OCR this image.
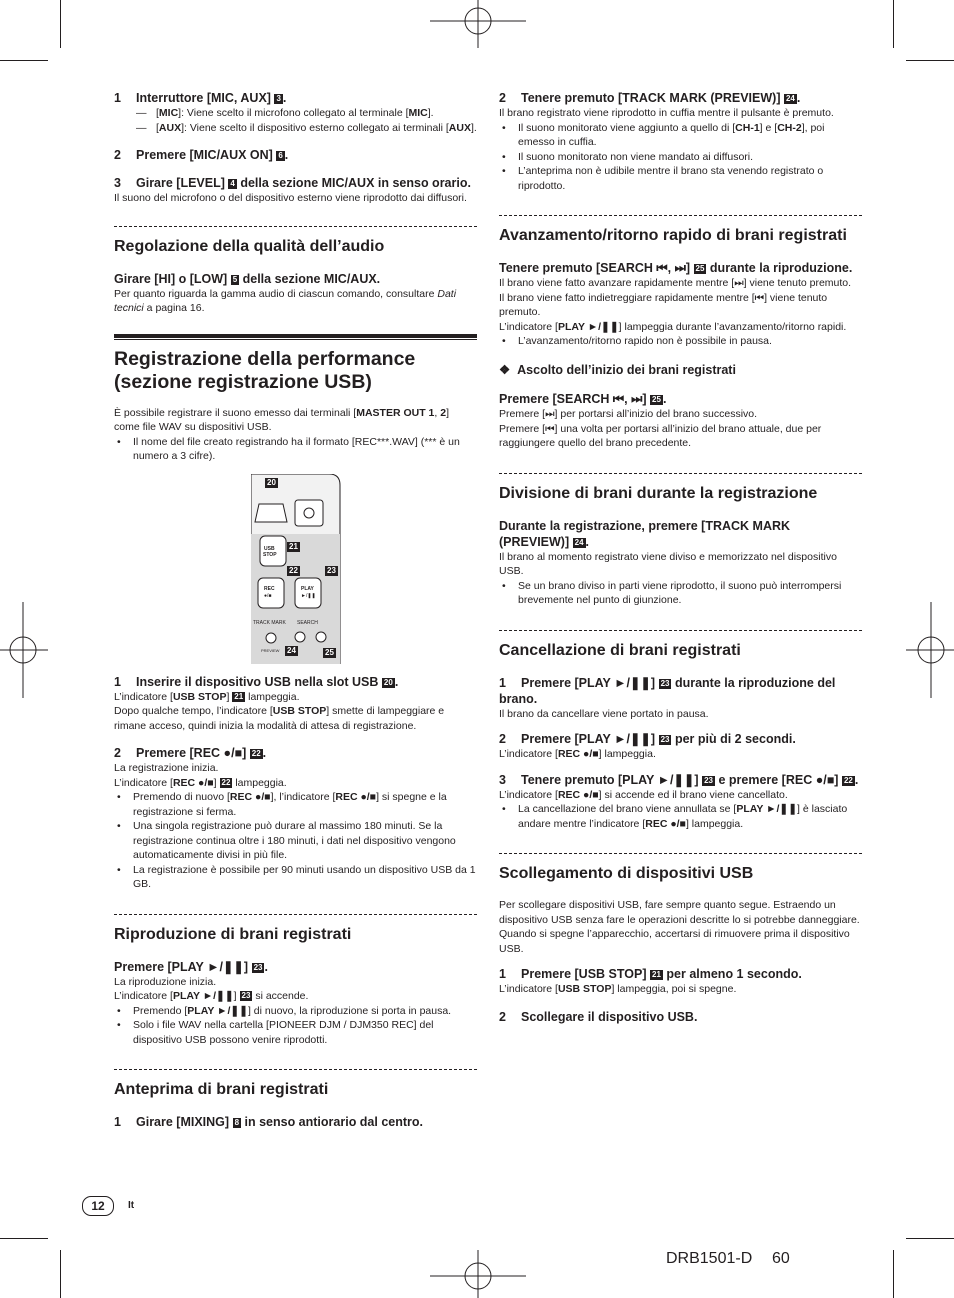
1 Interruttore [MIC, AUX] 3 .

— [MIC]: Viene scelto il microfono collegato al terminale [MIC].

— [AUX]: Viene scelto il dispositivo esterno collegato ai terminali [AUX].

2 Premere [MIC/AUX ON] 6 .
3 Girare [LEVEL] 4 della sezione MIC/AUX in senso orario.

Il suono del microfono o del dispositivo esterno viene riprodotto dai diffusori.

Regolazione della qualità dell’audio
Girare [HI] o [LOW] 5 della sezione MIC/AUX.

Per quanto riguarda la gamma audio di ciascun comando, consultare Dati tecnici a pagina 16.

Registrazione della performance (sezione registrazione USB)

È possibile registrare il suono emesso dai terminali [MASTER OUT 1, 2] come file WAV su dispositivi USB.

• Il nome del file creato registrando ha il formato [REC***.WAV] (*** è un numero a 3 cifre).

20
21
22	23
24	25
USB
STOP
REC
●/■
PLAY
►/❚❚
TRACK MARK SEARCH
PREVIEW
1 Inserire il dispositivo USB nella slot USB 20 .

L’indicatore [USB STOP] 21 lampeggia.

Dopo qualche tempo, l’indicatore [USB STOP] smette di lampeggiare e rimane acceso, quindi inizia la modalità di attesa di registrazione.

2 Premere [REC ●/■] 22 .

La registrazione inizia.

L’indicatore [REC ●/■] 22 lampeggia.

• Premendo di nuovo [REC ●/■], l’indicatore [REC ●/■] si spegne e la registrazione si ferma.

• Una singola registrazione può durare al massimo 180 minuti. Se la registrazione continua oltre i 180 minuti, i dati nel dispositivo vengono automaticamente divisi in più file.

• La registrazione è possibile per 90 minuti usando un dispositivo USB da 1 GB.

Riproduzione di brani registrati
Premere [PLAY ►/❚❚] 23 .

La riproduzione inizia.

L’indicatore [PLAY ►/❚❚] 23 si accende.

• Premendo [PLAY ►/❚❚] di nuovo, la riproduzione si porta in pausa.

• Solo i file WAV nella cartella [PIONEER DJM / DJM350 REC] del dispositivo USB possono venire riprodotti.

Anteprima di brani registrati
1 Girare [MIXING] 8 in senso antiorario dal centro.
2 Tenere premuto [TRACK MARK (PREVIEW)] 24 .

Il brano registrato viene riprodotto in cuffia mentre il pulsante è premuto.

• Il suono monitorato viene aggiunto a quello di [CH-1] e [CH-2], poi emesso in cuffia.

• Il suono monitorato non viene mandato ai diffusori.

• L’anteprima non è udibile mentre il brano sta venendo registrato o riprodotto.

Avanzamento/ritorno rapido di brani registrati
Tenere premuto [SEARCH ⏮, ⏭] 25 durante la riproduzione.

Il brano viene fatto avanzare rapidamente mentre [⏭] viene tenuto premuto.

Il brano viene fatto indietreggiare rapidamente mentre [⏮] viene tenuto premuto.

L’indicatore [PLAY ►/❚❚] lampeggia durante l’avanzamento/ritorno rapidi.

• L’avanzamento/ritorno rapido non è possibile in pausa.

❖  Ascolto dell’inizio dei brani registrati
Premere [SEARCH ⏮, ⏭] 25 .

Premere [⏭] per portarsi all’inizio del brano successivo.

Premere [⏮] una volta per portarsi all’inizio del brano attuale, due per raggiungere quello del brano precedente.

Divisione di brani durante la registrazione
Durante la registrazione, premere [TRACK MARK (PREVIEW)] 24 .

Il brano al momento registrato viene diviso e memorizzato nel dispositivo USB.

• Se un brano diviso in parti viene riprodotto, il suono può interrompersi brevemente nel punto di giunzione.

Cancellazione di brani registrati
1 Premere [PLAY ►/❚❚] 23 durante la riproduzione del brano.

Il brano da cancellare viene portato in pausa.

2 Premere [PLAY ►/❚❚] 23 per più di 2 secondi.

L’indicatore [REC ●/■] lampeggia.

3 Tenere premuto [PLAY ►/❚❚] 23 e premere [REC ●/■] 22 .

L’indicatore [REC ●/■] si accende ed il brano viene cancellato.

• La cancellazione del brano viene annullata se [PLAY ►/❚❚] è lasciato andare mentre l’indicatore [REC ●/■] lampeggia.

Scollegamento di dispositivi USB

Per scollegare dispositivi USB, fare sempre quanto segue. Estraendo un dispositivo USB senza fare le operazioni descritte lo si potrebbe danneggiare.

Quando si spegne l’apparecchio, accertarsi di rimuovere prima il dispositivo USB.

1 Premere [USB STOP] 21 per almeno 1 secondo.

L’indicatore [USB STOP] lampeggia, poi si spegne.

2 Scollegare il dispositivo USB.
12	It
DRB1501-D 60
